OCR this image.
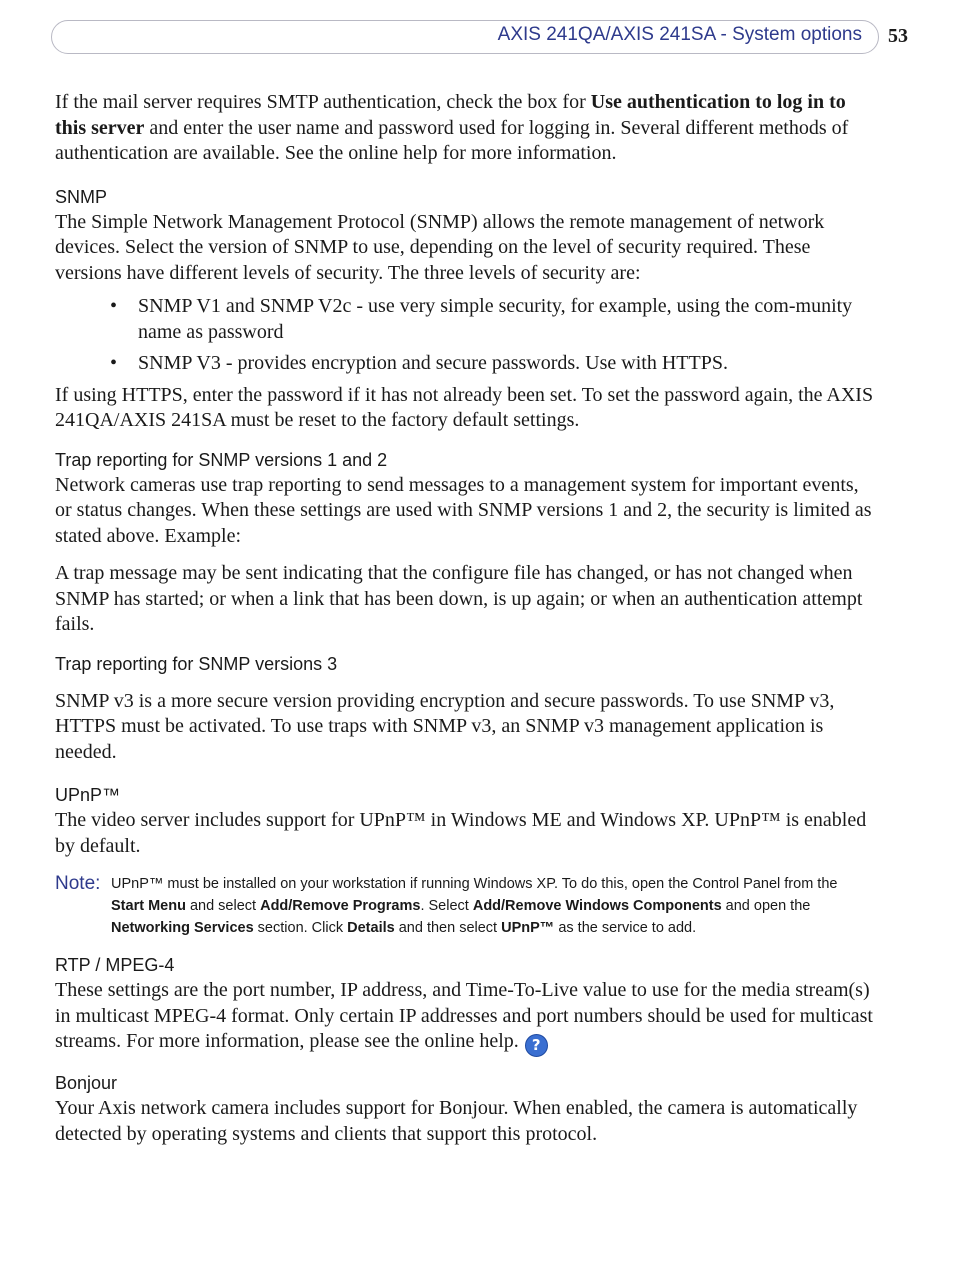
AXIS 241QA/AXIS 241SA - System options 53

If the mail server requires SMTP authentication, check the box for Use authentication to log in to this server and enter the user name and password used for logging in. Several different methods of authentication are available. See the online help for more information.

SNMP

The Simple Network Management Protocol (SNMP) allows the remote management of network devices. Select the version of SNMP to use, depending on the level of security required. These versions have different levels of security. The three levels of security are:

• SNMP V1 and SNMP V2c - use very simple security, for example, using the com-munity name as password
• SNMP V3 - provides encryption and secure passwords. Use with HTTPS.

If using HTTPS, enter the password if it has not already been set. To set the password again, the AXIS 241QA/AXIS 241SA must be reset to the factory default settings.

Trap reporting for SNMP versions 1 and 2

Network cameras use trap reporting to send messages to a management system for important events, or status changes. When these settings are used with SNMP versions 1 and 2, the security is limited as stated above. Example:

A trap message may be sent indicating that the configure file has changed, or has not changed when SNMP has started; or when a link that has been down, is up again; or when an authentication attempt fails.

Trap reporting for SNMP versions 3

SNMP v3 is a more secure version providing encryption and secure passwords. To use SNMP v3, HTTPS must be activated. To use traps with SNMP v3, an SNMP v3 management application is needed.

UPnP™

The video server includes support for UPnP™ in Windows ME and Windows XP. UPnP™ is enabled by default.

Note: UPnP™ must be installed on your workstation if running Windows XP. To do this, open the Control Panel from the Start Menu and select Add/Remove Programs. Select Add/Remove Windows Components and open the Networking Services section. Click Details and then select UPnP™ as the service to add.
RTP / MPEG-4

These settings are the port number, IP address, and Time-To-Live value to use for the media stream(s) in multicast MPEG-4 format. Only certain IP addresses and port numbers should be used for multicast streams. For more information, please see the online help. ?

Bonjour

Your Axis network camera includes support for Bonjour. When enabled, the camera is automatically detected by operating systems and clients that support this protocol.
